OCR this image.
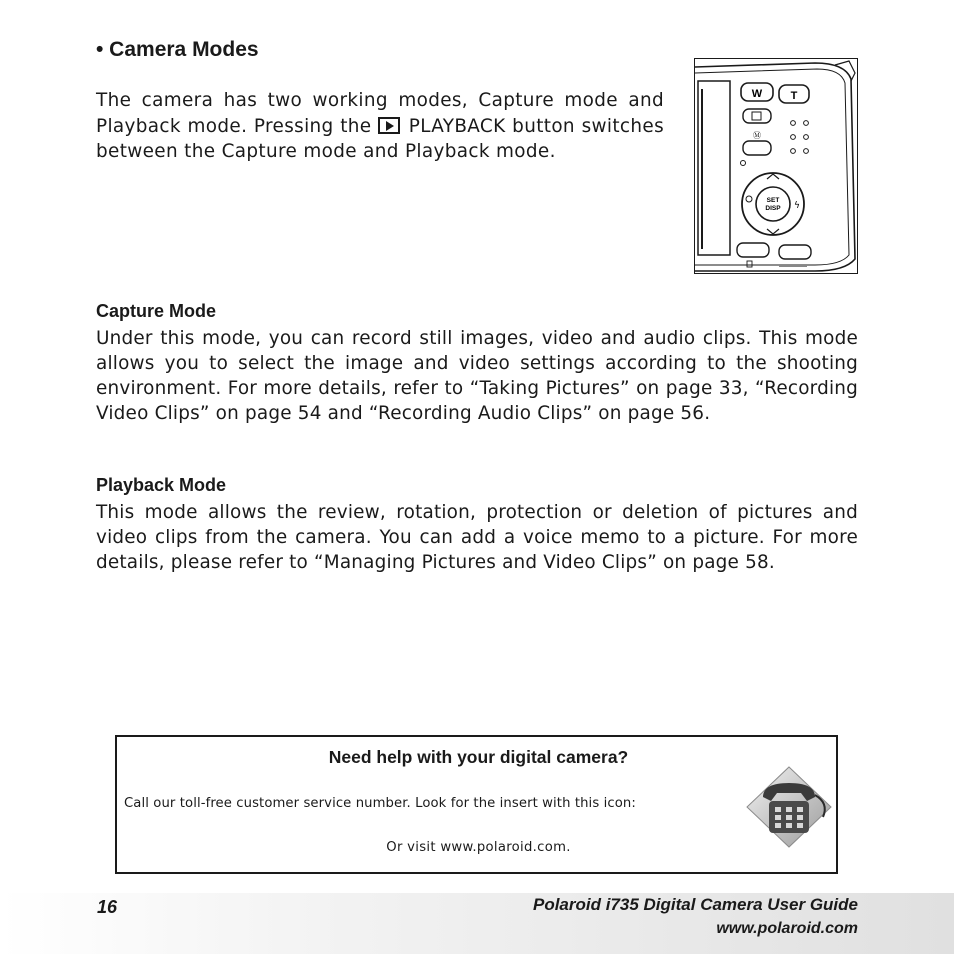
• Camera Modes

The camera has two working modes, Capture mode and Playback mode. Pressing the PLAYBACK button switches between the Capture mode and Playback mode.

W	T
Ⓜ
SET
DISP ϟ
Capture Mode

Under this mode, you can record still images, video and audio clips. This mode allows you to select the image and video settings according to the shooting environment. For more details, refer to “Taking Pictures” on page 33, “Recording Video Clips” on page 54 and “Recording Audio Clips” on page 56.

Playback Mode

This mode allows the review, rotation, protection or deletion of pictures and video clips from the camera. You can add a voice memo to a picture. For more details, please refer to “Managing Pictures and Video Clips” on page 58.

Need help with your digital camera?
Call our toll-free customer service number. Look for the insert with this icon:
Or visit www.polaroid.com.
16	Polaroid i735 Digital Camera User Guide
www.polaroid.com
